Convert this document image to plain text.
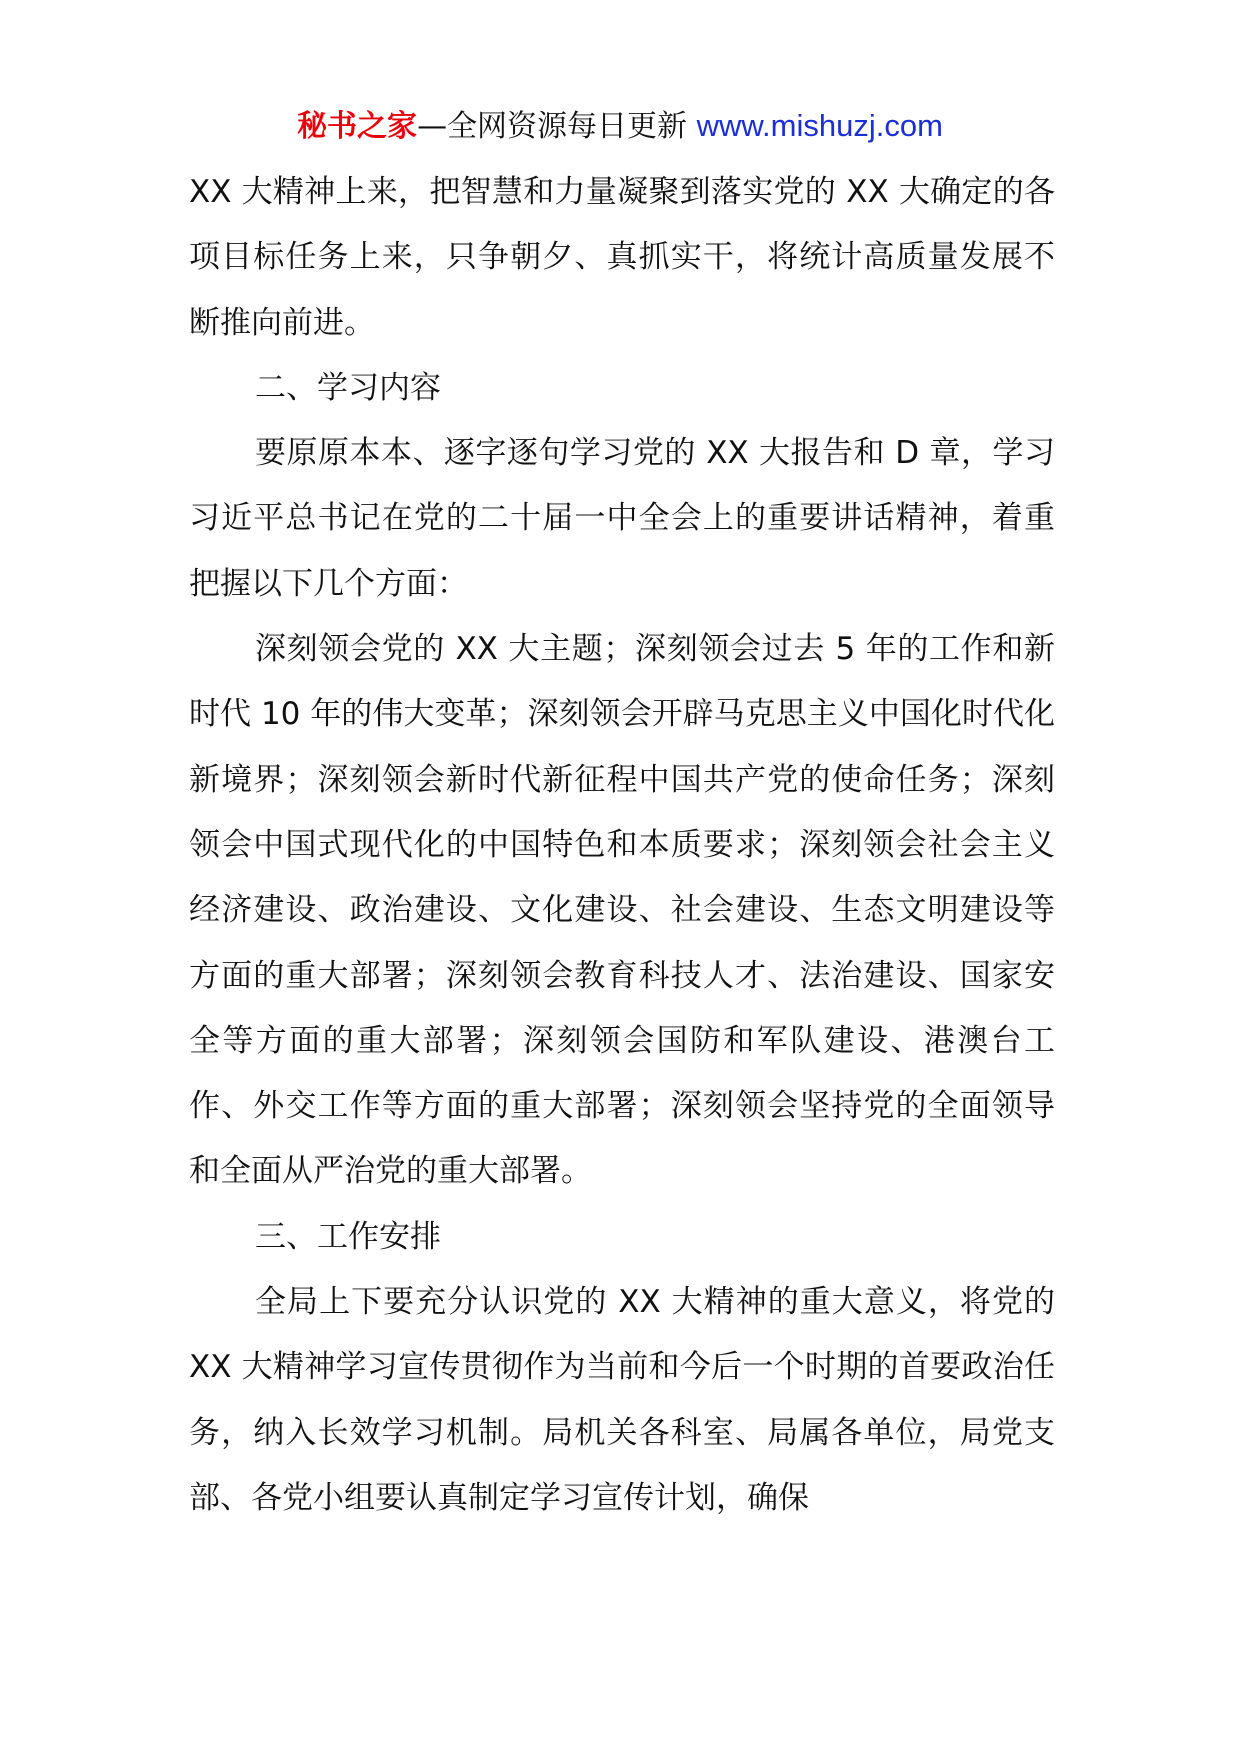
秘书之家—全网资源每日更新 www.mishuzj.com

XX 大精神上来，把智慧和力量凝聚到落实党的 XX 大确定的各项目标任务上来，只争朝夕、真抓实干，将统计高质量发展不断推向前进。

二、学习内容

要原原本本、逐字逐句学习党的 XX 大报告和 D 章，学习习近平总书记在党的二十届一中全会上的重要讲话精神，着重把握以下几个方面：

深刻领会党的 XX 大主题；深刻领会过去 5 年的工作和新时代 10 年的伟大变革；深刻领会开辟马克思主义中国化时代化新境界；深刻领会新时代新征程中国共产党的使命任务；深刻领会中国式现代化的中国特色和本质要求；深刻领会社会主义经济建设、政治建设、文化建设、社会建设、生态文明建设等方面的重大部署；深刻领会教育科技人才、法治建设、国家安全等方面的重大部署；深刻领会国防和军队建设、港澳台工作、外交工作等方面的重大部署；深刻领会坚持党的全面领导和全面从严治党的重大部署。

三、工作安排

全局上下要充分认识党的 XX 大精神的重大意义，将党的 XX 大精神学习宣传贯彻作为当前和今后一个时期的首要政治任务，纳入长效学习机制。局机关各科室、局属各单位，局党支部、各党小组要认真制定学习宣传计划，确保
